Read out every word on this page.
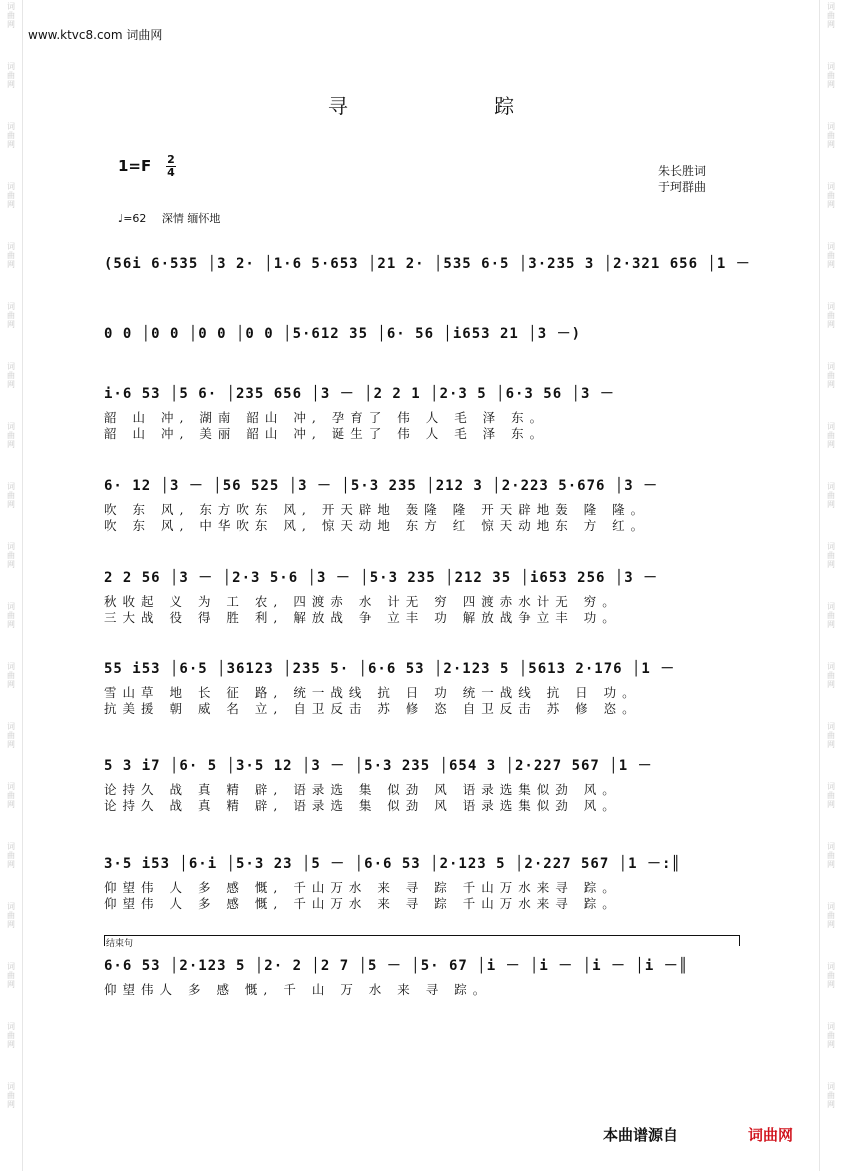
词
曲
网
词
曲
网
词
曲
网
词
曲
网
词
曲
网
词
曲
网
词
曲
网
词
曲
网
词
曲
网
词
曲
网
词
曲
网
词
曲
网
词
曲
网
词
曲
网
词
曲
网
词
曲
网
词
曲
网
词
曲
网
词
曲
网
词
曲
网
词
曲
网
词
曲
网
词
曲
网
词
曲
网
词
曲
网
词
曲
网
词
曲
网
词
曲
网
词
曲
网
词
曲
网
词
曲
网
词
曲
网
词
曲
网
词
曲
网
词
曲
网
词
曲
网
词
曲
网
词
曲
网
www.ktvc8.com 词曲网
寻 踪
1=F 2
4	朱长胜词
于珂群曲
♩=62 深情 缅怀地
(56i 6·535 │3 2· │1·6 5·653 │21 2· │535 6·5 │3·235 3 │2·321 656 │1 －
0 0 │0 0 │0 0 │0 0 │5·612 35 │6· 56 │i653 21 │3 －)
i·6 53 │5 6· │235 656 │3 － │2 2 1 │2·3 5 │6·3 56 │3 －
韶 山 冲, 湖南 韶山 冲, 孕育了 伟 人 毛 泽 东。
韶 山 冲, 美丽 韶山 冲, 诞生了 伟 人 毛 泽 东。
6· 12 │3 － │56 525 │3 － │5·3 235 │212 3 │2·223 5·676 │3 －
吹 东 风, 东方吹东 风, 开天辟地 轰隆 隆 开天辟地轰 隆 隆。
吹 东 风, 中华吹东 风, 惊天动地 东方 红 惊天动地东 方 红。
2 2 56 │3 － │2·3 5·6 │3 － │5·3 235 │212 35 │i653 256 │3 －
秋收起 义 为 工 农, 四渡赤 水 计无 穷 四渡赤水计无 穷。
三大战 役 得 胜 利, 解放战 争 立丰 功 解放战争立丰 功。
55 i53 │6·5 │36123 │235 5· │6·6 53 │2·123 5 │5613 2·176 │1 －
雪山草 地 长 征 路, 统一战线 抗 日 功 统一战线 抗 日 功。
抗美援 朝 威 名 立, 自卫反击 苏 修 恣 自卫反击 苏 修 恣。
5 3 i7 │6· 5 │3·5 12 │3 － │5·3 235 │654 3 │2·227 567 │1 －
论持久 战 真 精 辟, 语录选 集 似劲 风 语录选集似劲 风。
论持久 战 真 精 辟, 语录选 集 似劲 风 语录选集似劲 风。
3·5 i53 │6·i │5·3 23 │5 － │6·6 53 │2·123 5 │2·227 567 │1 －:║
仰望伟 人 多 感 慨, 千山万水 来 寻 踪 千山万水来寻 踪。
仰望伟 人 多 感 慨, 千山万水 来 寻 踪 千山万水来寻 踪。
结束句
6·6 53 │2·123 5 │2· 2 │2 7 │5 － │5· 67 │i － │i － │i － │i －║
仰望伟人 多 感 慨, 千 山 万 水 来 寻 踪。
本曲谱源自	词曲网
